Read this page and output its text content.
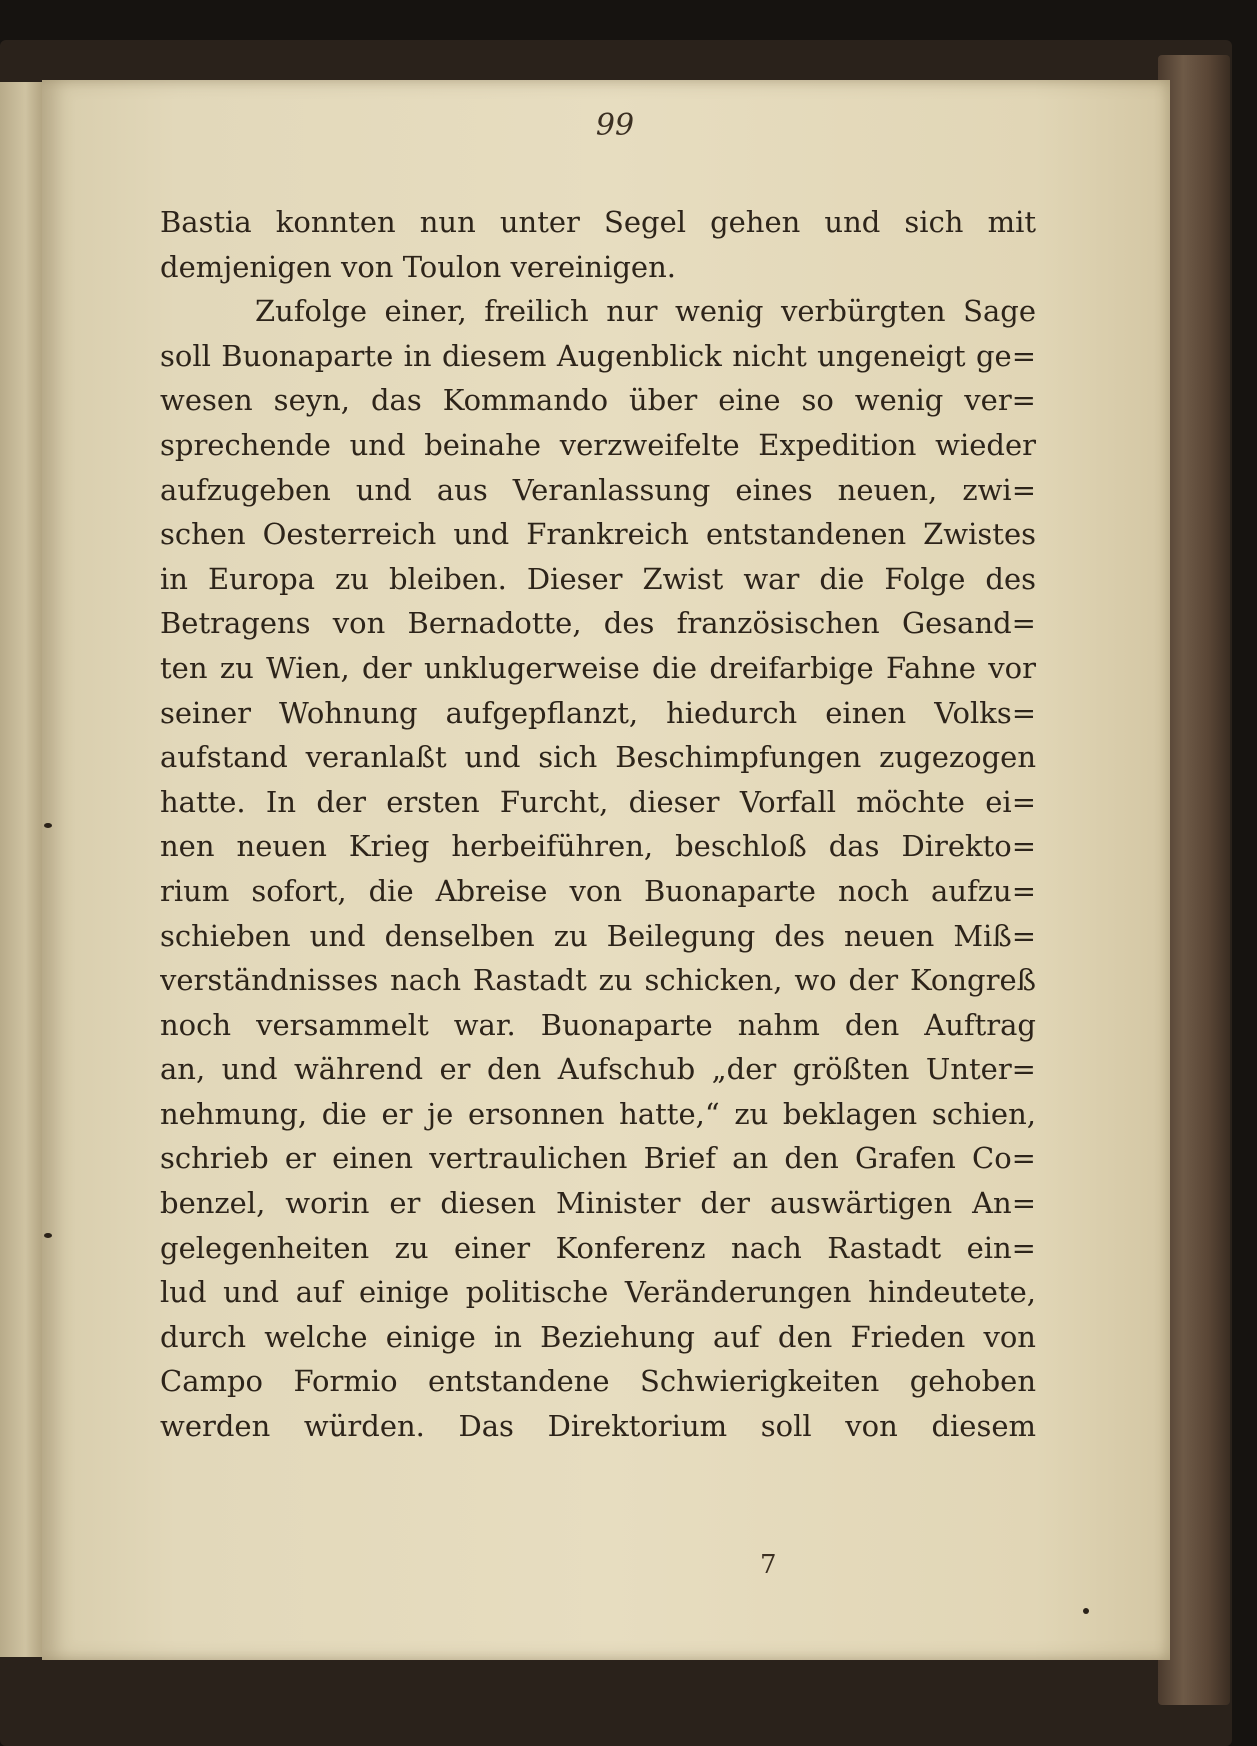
99
Bastia konnten nun unter Segel gehen und sich mit
demjenigen von Toulon vereinigen.
Zufolge einer, freilich nur wenig verbürgten Sage
soll Buonaparte in diesem Augenblick nicht ungeneigt ge=
wesen seyn, das Kommando über eine so wenig ver=
sprechende und beinahe verzweifelte Expedition wieder
aufzugeben und aus Veranlassung eines neuen, zwi=
schen Oesterreich und Frankreich entstandenen Zwistes
in Europa zu bleiben. Dieser Zwist war die Folge des
Betragens von Bernadotte, des französischen Gesand=
ten zu Wien, der unklugerweise die dreifarbige Fahne vor
seiner Wohnung aufgepflanzt, hiedurch einen Volks=
aufstand veranlaßt und sich Beschimpfungen zugezogen
hatte. In der ersten Furcht, dieser Vorfall möchte ei=
nen neuen Krieg herbeiführen, beschloß das Direkto=
rium sofort, die Abreise von Buonaparte noch aufzu=
schieben und denselben zu Beilegung des neuen Miß=
verständnisses nach Rastadt zu schicken, wo der Kongreß
noch versammelt war. Buonaparte nahm den Auftrag
an, und während er den Aufschub „der größten Unter=
nehmung, die er je ersonnen hatte,“ zu beklagen schien,
schrieb er einen vertraulichen Brief an den Grafen Co=
benzel, worin er diesen Minister der auswärtigen An=
gelegenheiten zu einer Konferenz nach Rastadt ein=
lud und auf einige politische Veränderungen hindeutete,
durch welche einige in Beziehung auf den Frieden von
Campo Formio entstandene Schwierigkeiten gehoben
werden würden. Das Direktorium soll von diesem
7
